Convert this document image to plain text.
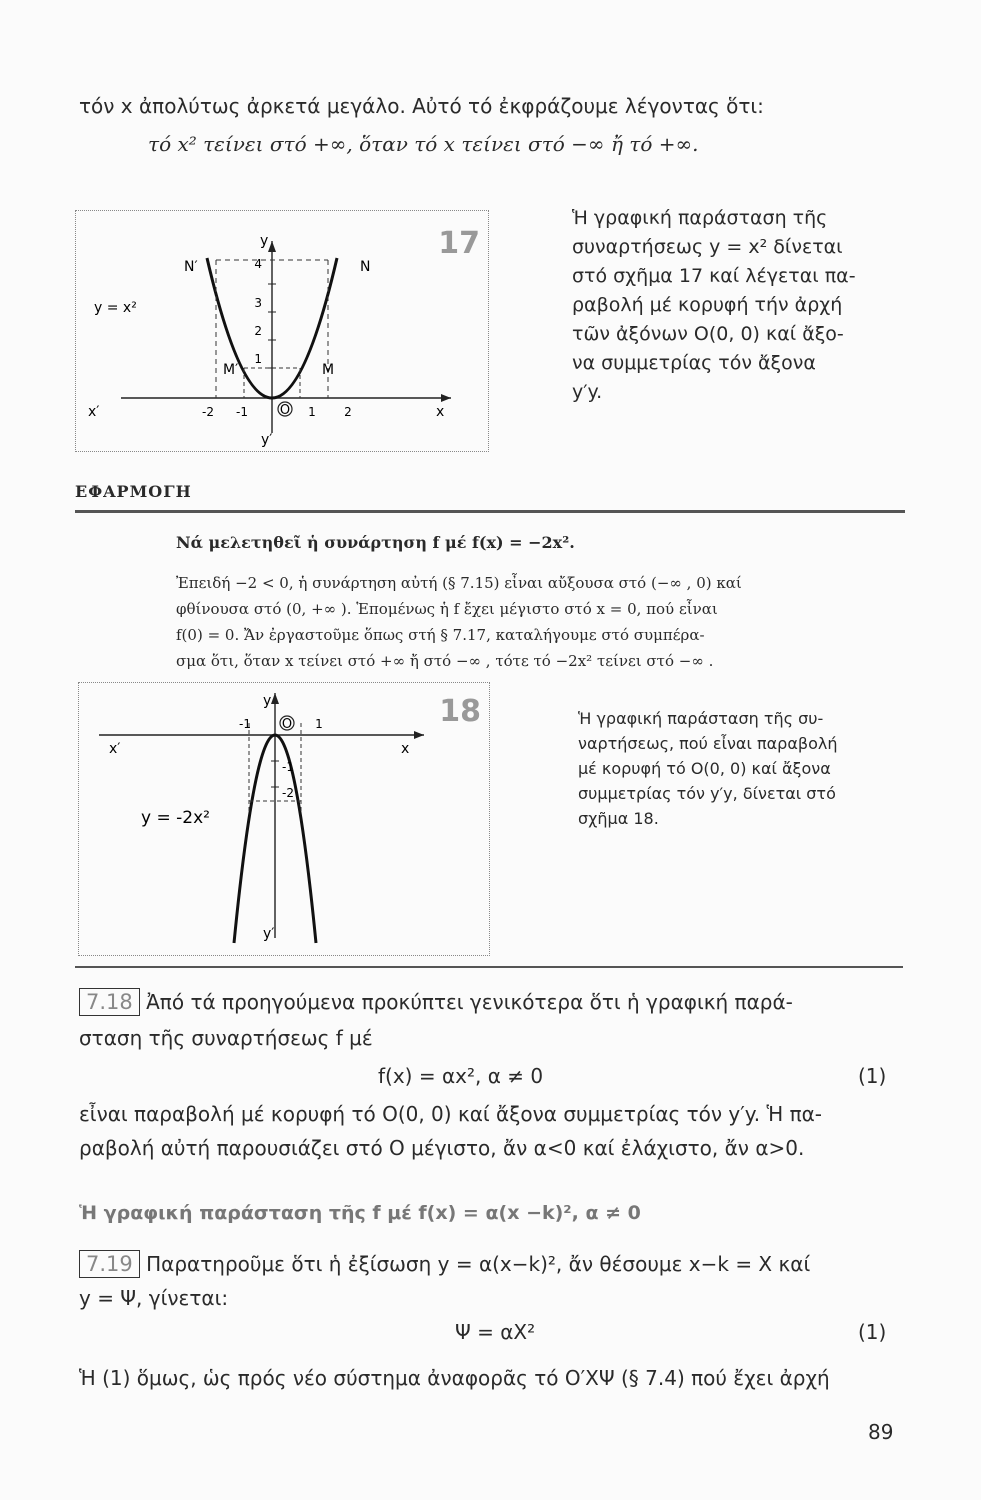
τόν x ἀπολύτως ἀρκετά μεγάλο. Αὐτό τό ἐκφράζουμε λέγοντας ὅτι:
τό x² τείνει στό +∞, ὅταν τό x τείνει στό −∞ ἤ τό +∞.
1
2
3
4
-2 -1	1 2
O
y
y′
x′	x
N′	N
M′	M
y = x²
17
Ἡ γραφική παράσταση τῆς
συναρτήσεως y = x² δίνεται
στό σχῆμα 17 καί λέγεται πα-
ραβολή μέ κορυφή τήν ἀρχή
τῶν ἀξόνων O(0, 0) καί ἄξο-
να συμμετρίας τόν ἄξονα
y′y.
ΕΦΑΡΜΟΓΗ
Νά μελετηθεῖ ἡ συνάρτηση f μέ f(x) = −2x².
Ἐπειδή −2 < 0, ἡ συνάρτηση αὐτή (§ 7.15) εἶναι αὔξουσα στό (−∞ , 0) καί
φθίνουσα στό (0, +∞ ). Ἑπομένως ἡ f ἔχει μέγιστο στό x = 0, πού εἶναι
f(0) = 0. Ἄν ἐργαστοῦμε ὅπως στή § 7.17, καταλήγουμε στό συμπέρα-
σμα ὅτι, ὅταν x τείνει στό +∞ ἤ στό −∞ , τότε τό −2x² τείνει στό −∞ .
-1	1
-1
-2
O
y
y′
x′	x
y = -2x²
18	Ἡ γραφική παράσταση τῆς συ-
ναρτήσεως, πού εἶναι παραβολή
μέ κορυφή τό O(0, 0) καί ἄξονα
συμμετρίας τόν y′y, δίνεται στό
σχῆμα 18.
7.18 Ἀπό τά προηγούμενα προκύπτει γενικότερα ὅτι ἡ γραφική παρά-
σταση τῆς συναρτήσεως f μέ
f(x) = αx², α ≠ 0	(1)
εἶναι παραβολή μέ κορυφή τό O(0, 0) καί ἄξονα συμμετρίας τόν y′y. Ἡ πα-
ραβολή αὐτή παρουσιάζει στό O μέγιστο, ἄν α<0 καί ἐλάχιστο, ἄν α>0.
Ἡ γραφική παράσταση τῆς f μέ f(x) = α(x −k)², α ≠ 0
7.19 Παρατηροῦμε ὅτι ἡ ἐξίσωση y = α(x−k)², ἄν θέσουμε x−k = X καί
y = Ψ, γίνεται:
Ψ = αX²	(1)
Ἡ (1) ὅμως, ὡς πρός νέο σύστημα ἀναφορᾶς τό O′XΨ (§ 7.4) πού ἔχει ἀρχή
89
